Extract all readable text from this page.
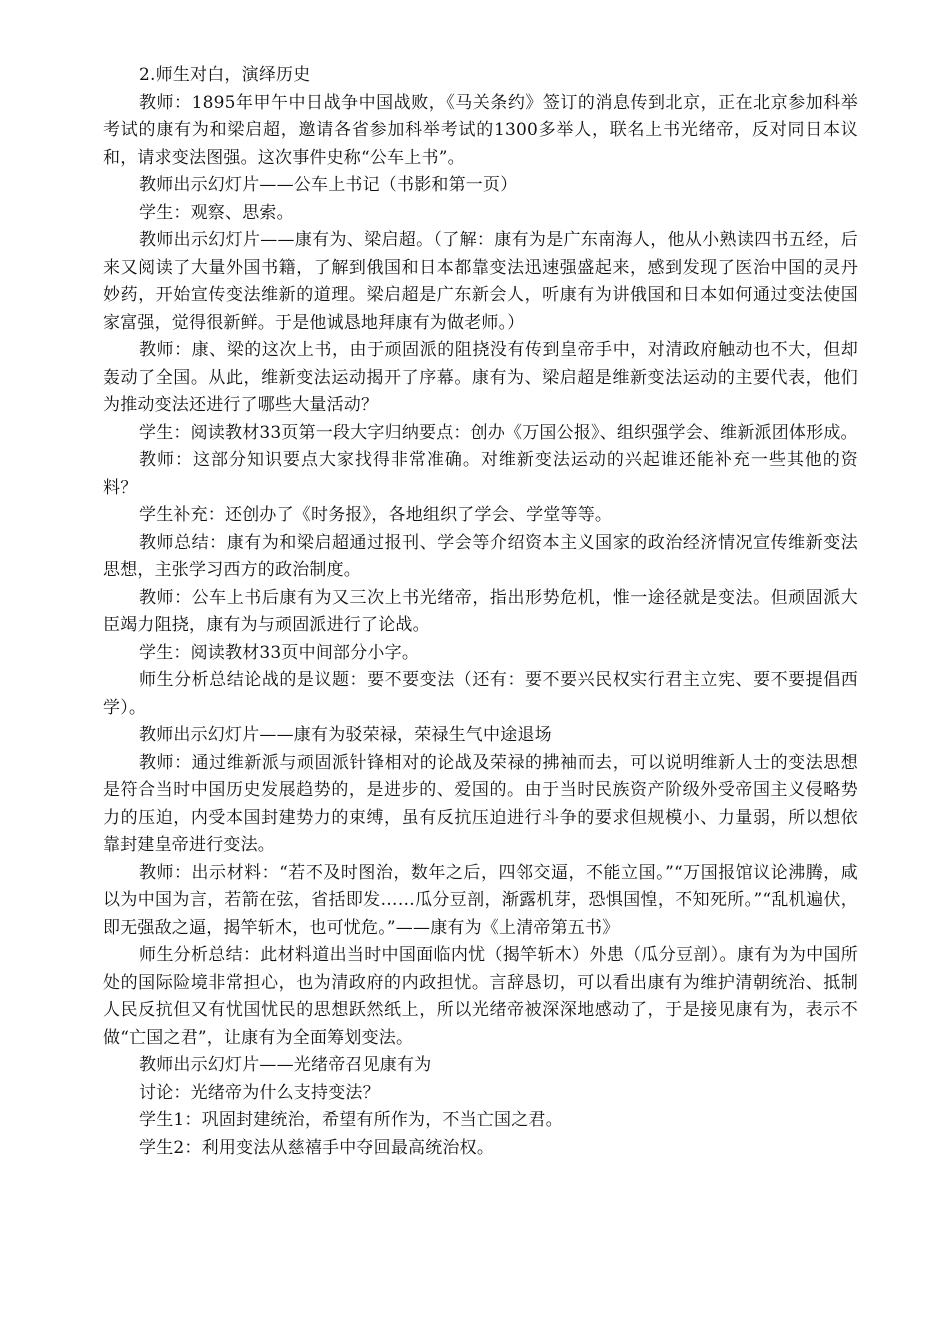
2.师生对白，演绎历史

教师：1895年甲午中日战争中国战败，《马关条约》签订的消息传到北京，正在北京参加科举考试的康有为和梁启超，邀请各省参加科举考试的1300多举人，联名上书光绪帝，反对同日本议和，请求变法图强。这次事件史称“公车上书”。

教师出示幻灯片——公车上书记（书影和第一页）

学生：观察、思索。

教师出示幻灯片——康有为、梁启超。（了解：康有为是广东南海人，他从小熟读四书五经，后来又阅读了大量外国书籍，了解到俄国和日本都靠变法迅速强盛起来，感到发现了医治中国的灵丹妙药，开始宣传变法维新的道理。梁启超是广东新会人，听康有为讲俄国和日本如何通过变法使国家富强，觉得很新鲜。于是他诚恳地拜康有为做老师。）

教师：康、梁的这次上书，由于顽固派的阻挠没有传到皇帝手中，对清政府触动也不大，但却轰动了全国。从此，维新变法运动揭开了序幕。康有为、梁启超是维新变法运动的主要代表，他们为推动变法还进行了哪些大量活动？

学生：阅读教材33页第一段大字归纳要点：创办《万国公报》、组织强学会、维新派团体形成。

教师：这部分知识要点大家找得非常准确。对维新变法运动的兴起谁还能补充一些其他的资料？

学生补充：还创办了《时务报》，各地组织了学会、学堂等等。

教师总结：康有为和梁启超通过报刊、学会等介绍资本主义国家的政治经济情况宣传维新变法思想，主张学习西方的政治制度。

教师：公车上书后康有为又三次上书光绪帝，指出形势危机，惟一途径就是变法。但顽固派大臣竭力阻挠，康有为与顽固派进行了论战。

学生：阅读教材33页中间部分小字。

师生分析总结论战的是议题：要不要变法（还有：要不要兴民权实行君主立宪、要不要提倡西学）。

教师出示幻灯片——康有为驳荣禄，荣禄生气中途退场

教师：通过维新派与顽固派针锋相对的论战及荣禄的拂袖而去，可以说明维新人士的变法思想是符合当时中国历史发展趋势的，是进步的、爱国的。由于当时民族资产阶级外受帝国主义侵略势力的压迫，内受本国封建势力的束缚，虽有反抗压迫进行斗争的要求但规模小、力量弱，所以想依靠封建皇帝进行变法。

教师：出示材料：“若不及时图治，数年之后，四邻交逼，不能立国。”“万国报馆议论沸腾，咸以为中国为言，若箭在弦，省括即发……瓜分豆剖，渐露机芽，恐惧国惶，不知死所。”“乱机遍伏，即无强敌之逼，揭竿斩木，也可忧危。”——康有为《上清帝第五书》

师生分析总结：此材料道出当时中国面临内忧（揭竿斩木）外患（瓜分豆剖）。康有为为中国所处的国际险境非常担心，也为清政府的内政担忧。言辞恳切，可以看出康有为维护清朝统治、抵制人民反抗但又有忧国忧民的思想跃然纸上，所以光绪帝被深深地感动了，于是接见康有为，表示不做“亡国之君”，让康有为全面筹划变法。

教师出示幻灯片——光绪帝召见康有为

讨论：光绪帝为什么支持变法？

学生1：巩固封建统治，希望有所作为，不当亡国之君。

学生2：利用变法从慈禧手中夺回最高统治权。
